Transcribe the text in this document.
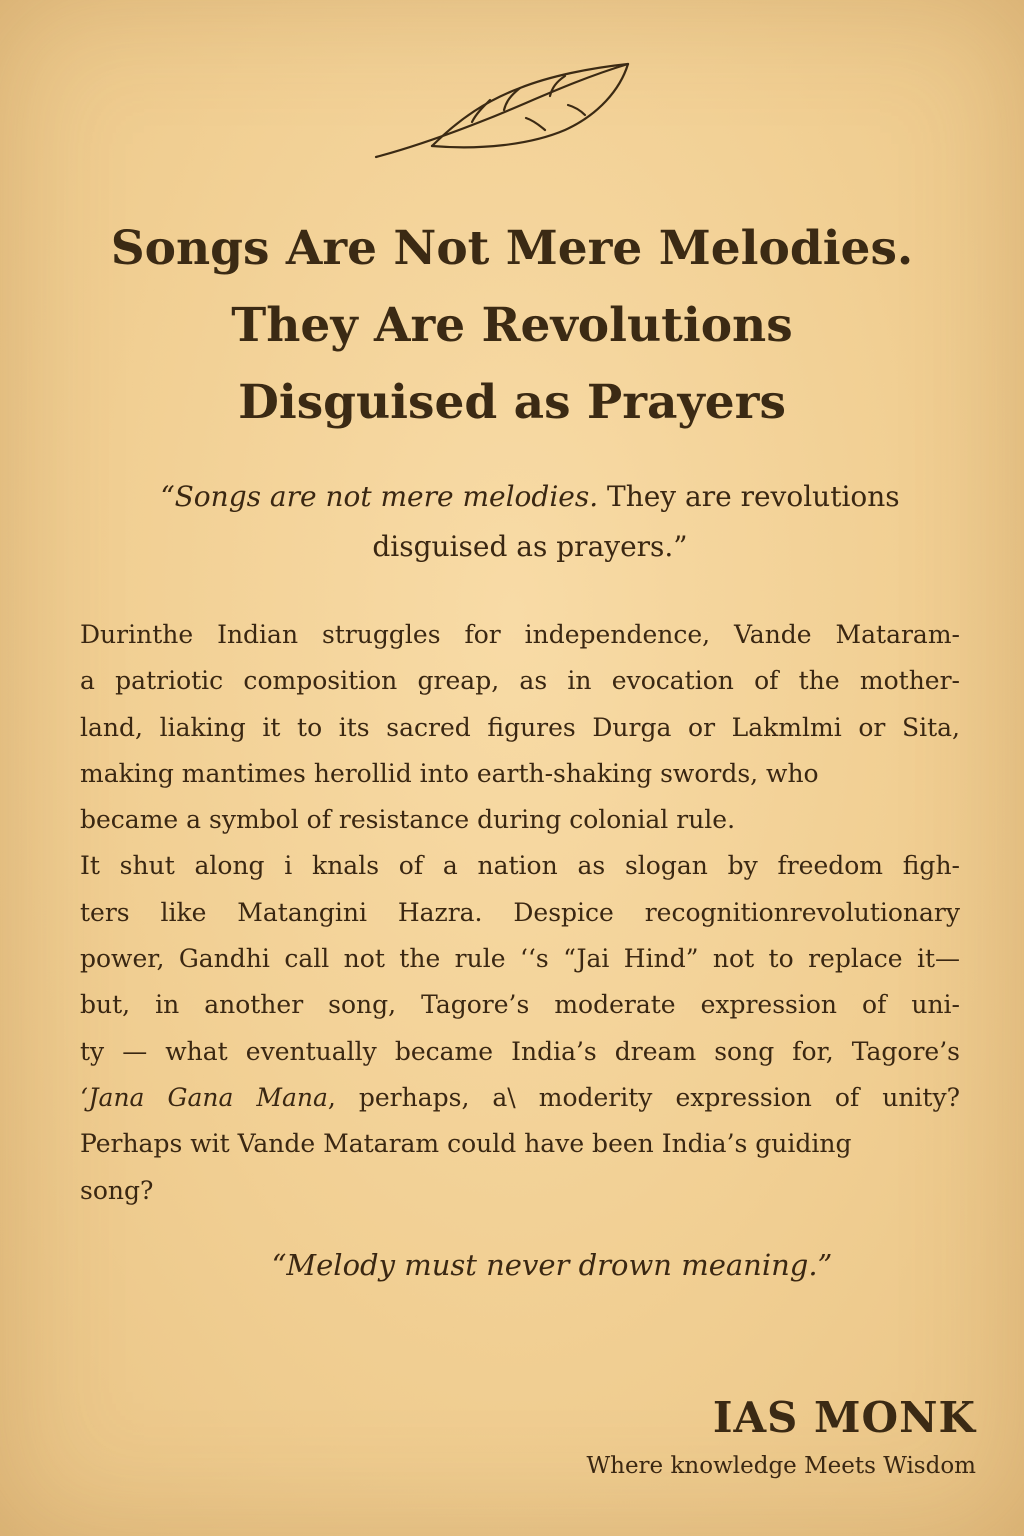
Songs Are Not Mere Melodies.
They Are Revolutions
Disguised as Prayers

“Songs are not mere melodies. They are revolutions
disguised as prayers.”

Durinthe Indian struggles for independence, Vande Mataram-
a patriotic composition greap, as in evocation of the mother-
land, liaking it to its sacred figures Durga or Lakmlmi or Sita,
making mantimes herollid into earth-shaking swords, who
became a symbol of resistance during colonial rule.
It shut along i knals of a nation as slogan by freedom figh-
ters like Matangini Hazra. Despice recognitionrevolutionary
power, Gandhi call not the rule ‘‘s “Jai Hind” not to replace it—
but, in another song, Tagore’s moderate expression of uni-
ty — what eventually became India’s dream song for, Tagore’s
‘Jana Gana Mana, perhaps, a\ moderity expression of unity?
Perhaps wit Vande Mataram could have been India’s guiding
song?

“Melody must never drown meaning.”

IAS MONK
Where knowledge Meets Wisdom
